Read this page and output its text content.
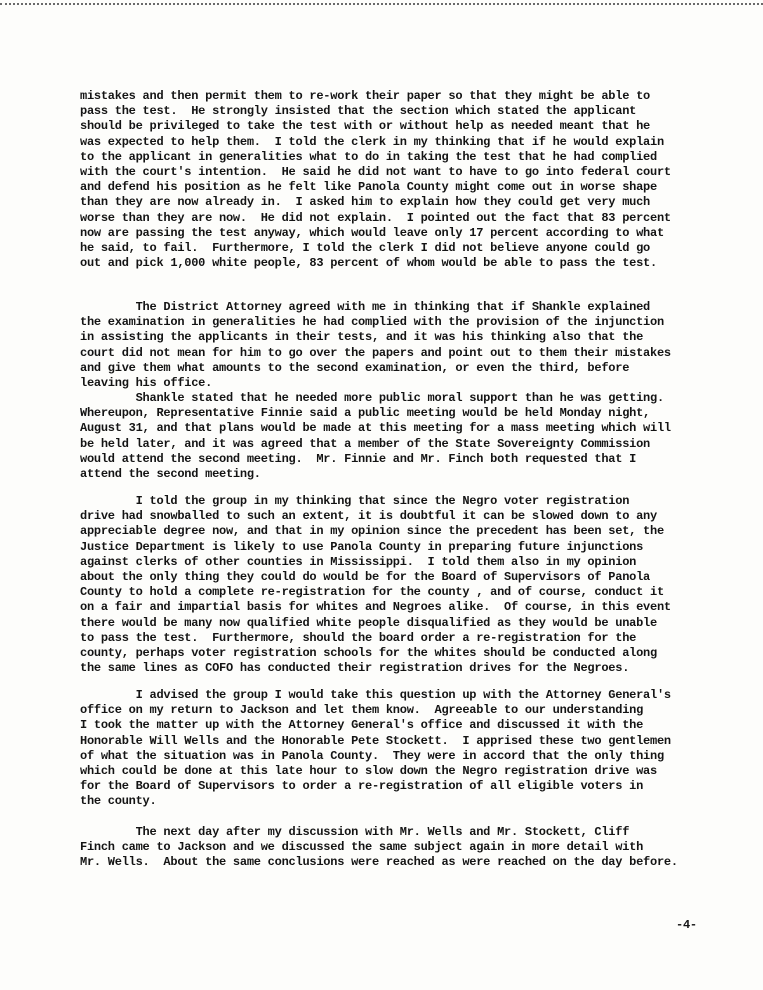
mistakes and then permit them to re-work their paper so that they might be able to
pass the test.  He strongly insisted that the section which stated the applicant
should be privileged to take the test with or without help as needed meant that he
was expected to help them.  I told the clerk in my thinking that if he would explain
to the applicant in generalities what to do in taking the test that he had complied
with the court's intention.  He said he did not want to have to go into federal court
and defend his position as he felt like Panola County might come out in worse shape
than they are now already in.  I asked him to explain how they could get very much
worse than they are now.  He did not explain.  I pointed out the fact that 83 percent
now are passing the test anyway, which would leave only 17 percent according to what
he said, to fail.  Furthermore, I told the clerk I did not believe anyone could go
out and pick 1,000 white people, 83 percent of whom would be able to pass the test.
The District Attorney agreed with me in thinking that if Shankle explained
the examination in generalities he had complied with the provision of the injunction
in assisting the applicants in their tests, and it was his thinking also that the
court did not mean for him to go over the papers and point out to them their mistakes
and give them what amounts to the second examination, or even the third, before
leaving his office.
Shankle stated that he needed more public moral support than he was getting.
Whereupon, Representative Finnie said a public meeting would be held Monday night,
August 31, and that plans would be made at this meeting for a mass meeting which will
be held later, and it was agreed that a member of the State Sovereignty Commission
would attend the second meeting.  Mr. Finnie and Mr. Finch both requested that I
attend the second meeting.
I told the group in my thinking that since the Negro voter registration
drive had snowballed to such an extent, it is doubtful it can be slowed down to any
appreciable degree now, and that in my opinion since the precedent has been set, the
Justice Department is likely to use Panola County in preparing future injunctions
against clerks of other counties in Mississippi.  I told them also in my opinion
about the only thing they could do would be for the Board of Supervisors of Panola
County to hold a complete re-registration for the county , and of course, conduct it
on a fair and impartial basis for whites and Negroes alike.  Of course, in this event
there would be many now qualified white people disqualified as they would be unable
to pass the test.  Furthermore, should the board order a re-registration for the
county, perhaps voter registration schools for the whites should be conducted along
the same lines as COFO has conducted their registration drives for the Negroes.
I advised the group I would take this question up with the Attorney General's
office on my return to Jackson and let them know.  Agreeable to our understanding
I took the matter up with the Attorney General's office and discussed it with the
Honorable Will Wells and the Honorable Pete Stockett.  I apprised these two gentlemen
of what the situation was in Panola County.  They were in accord that the only thing
which could be done at this late hour to slow down the Negro registration drive was
for the Board of Supervisors to order a re-registration of all eligible voters in
the county.
The next day after my discussion with Mr. Wells and Mr. Stockett, Cliff
Finch came to Jackson and we discussed the same subject again in more detail with
Mr. Wells.  About the same conclusions were reached as were reached on the day before.
-4-
